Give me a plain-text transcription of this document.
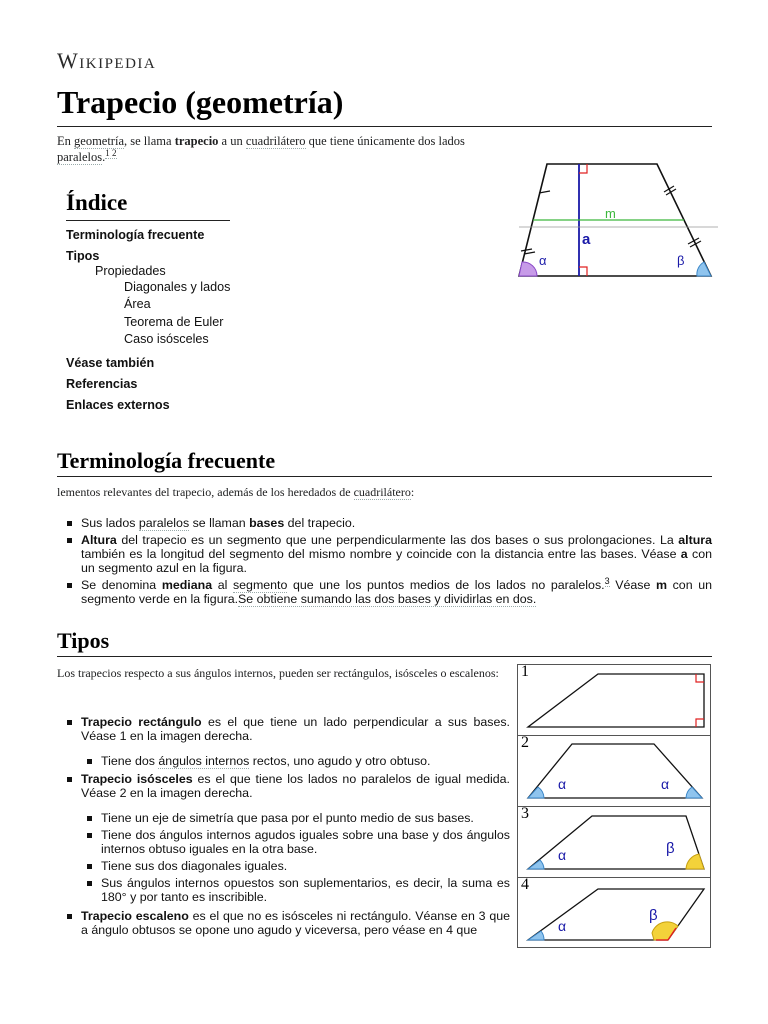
Wikipedia
Trapecio (geometría)
En geometría, se llama trapecio a un cuadrilátero que tiene únicamente dos lados paralelos.$^{1 2}$
m
a
α	β
Índice
Terminología frecuente
Tipos
Propiedades
Diagonales y lados
Área
Teorema de Euler
Caso isósceles
Véase también
Referencias
Enlaces externos
Terminología frecuente
lementos relevantes del trapecio, además de los heredados de cuadrilátero:
Sus lados paralelos se llaman bases del trapecio.
Altura del trapecio es un segmento que une perpendicularmente las dos bases o sus prolongaciones. La altura también es la longitud del segmento del mismo nombre y coincide con la distancia entre las bases. Véase a con un segmento azul en la figura.
Se denomina mediana al segmento que une los puntos medios de los lados no paralelos.$^3$ Véase m con un segmento verde en la figura.Se obtiene sumando las dos bases y dividirlas en dos.
Tipos
Los trapecios respecto a sus ángulos internos, pueden ser rectángulos, isósceles o escalenos:
Trapecio rectángulo es el que tiene un lado perpendicular a sus bases. Véase 1 en la imagen derecha.
Tiene dos ángulos internos rectos, uno agudo y otro obtuso.
Trapecio isósceles es el que tiene los lados no paralelos de igual medida. Véase 2 en la imagen derecha.
Tiene un eje de simetría que pasa por el punto medio de sus bases.
Tiene dos ángulos internos agudos iguales sobre una base y dos ángulos internos obtuso iguales en la otra base.
Tiene sus dos diagonales iguales.
Sus ángulos internos opuestos son suplementarios, es decir, la suma es 180° y por tanto es inscribible.
Trapecio escaleno es el que no es isósceles ni rectángulo. Véanse en 3 que a ángulo obtusos se opone uno agudo y viceversa, pero véase en 4 que
1
2
α	α
3
α	β
4
α
β
